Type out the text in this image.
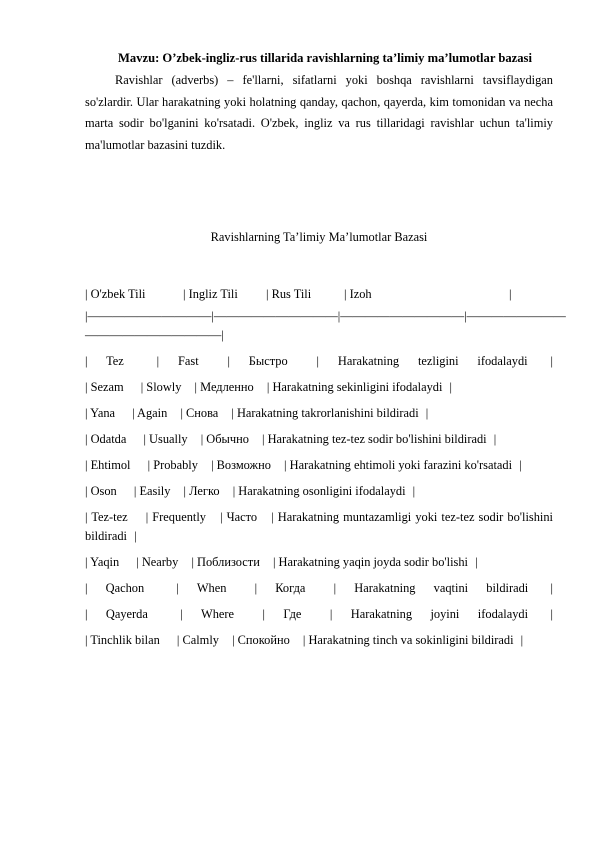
Mavzu: O’zbek-ingliz-rus tillarida ravishlarning ta’limiy ma’lumotlar bazasi
Ravishlar (adverbs) – fe'llarni, sifatlarni yoki boshqa ravishlarni tavsiflaydigan so'zlardir. Ular harakatning yoki holatning qanday, qachon, qayerda, kim tomonidan va necha marta sodir bo'lganini ko'rsatadi. O'zbek, ingliz va rus tillaridagi ravishlar uchun ta'limiy ma'lumotlar bazasini tuzdik.
Ravishlarning Ta’limiy Ma’lumotlar Bazasi
| O'zbek Tili	| Ingliz Tili | Rus Tili	| Izoh	|
|——————————|——————————|——————————|————————
———————————|
| Tez	| Fast | Быстро | Harakatning tezligini ifodalaydi |
| Sezam | Slowly | Медленно | Harakatning sekinligini ifodalaydi |
| Yana | Again | Снова | Harakatning takrorlanishini bildiradi |
| Odatda | Usually | Обычно | Harakatning tez-tez sodir bo'lishini bildiradi |
| Ehtimol | Probably | Возможно | Harakatning ehtimoli yoki farazini ko'rsatadi |
| Oson | Easily | Легко | Harakatning osonligini ifodalaydi |
| Tez-tez | Frequently | Часто | Harakatning muntazamligi yoki tez-tez sodir bo'lishini bildiradi |
| Yaqin | Nearby | Поблизости | Harakatning yaqin joyda sodir bo'lishi |
| Qachon	| When | Когда | Harakatning vaqtini bildiradi |
| Qayerda	| Where | Где | Harakatning joyini ifodalaydi |
| Tinchlik bilan | Calmly | Спокойно | Harakatning tinch va sokinligini bildiradi |
